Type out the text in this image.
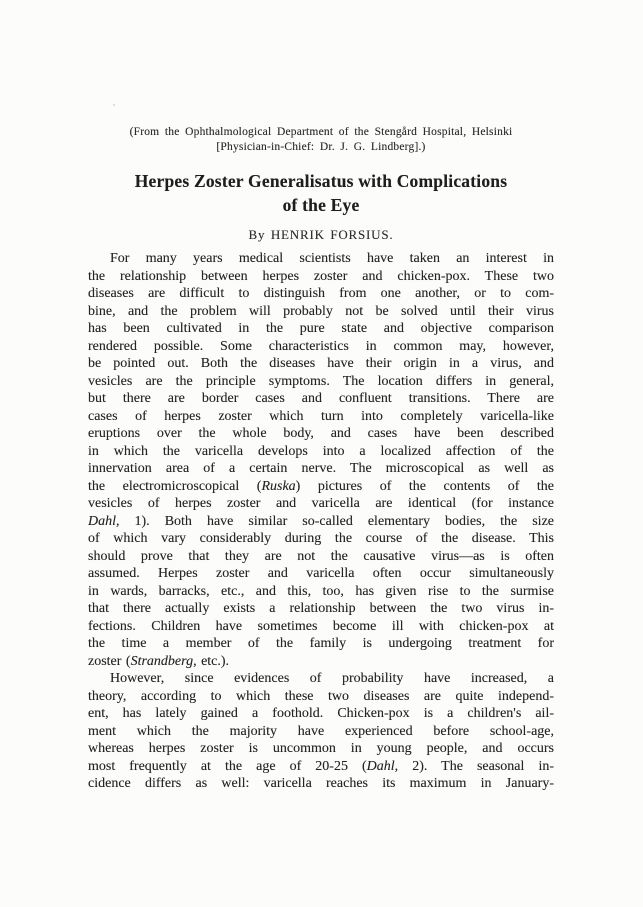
(From the Ophthalmological Department of the Stengård Hospital, Helsinki
[Physician-in-Chief: Dr. J. G. Lindberg].)
Herpes Zoster Generalisatus with Complications
of the Eye
By HENRIK FORSIUS.
For many years medical scientists have taken an interest in
the relationship between herpes zoster and chicken-pox. These two
diseases are difficult to distinguish from one another, or to com-
bine, and the problem will probably not be solved until their virus
has been cultivated in the pure state and objective comparison
rendered possible. Some characteristics in common may, however,
be pointed out. Both the diseases have their origin in a virus, and
vesicles are the principle symptoms. The location differs in general,
but there are border cases and confluent transitions. There are
cases of herpes zoster which turn into completely varicella-like
eruptions over the whole body, and cases have been described
in which the varicella develops into a localized affection of the
innervation area of a certain nerve. The microscopical as well as
the electromicroscopical (Ruska) pictures of the contents of the
vesicles of herpes zoster and varicella are identical (for instance
Dahl, 1). Both have similar so-called elementary bodies, the size
of which vary considerably during the course of the disease. This
should prove that they are not the causative virus—as is often
assumed. Herpes zoster and varicella often occur simultaneously
in wards, barracks, etc., and this, too, has given rise to the surmise
that there actually exists a relationship between the two virus in-
fections. Children have sometimes become ill with chicken-pox at
the time a member of the family is undergoing treatment for
zoster (Strandberg, etc.).
However, since evidences of probability have increased, a
theory, according to which these two diseases are quite independ-
ent, has lately gained a foothold. Chicken-pox is a children's ail-
ment which the majority have experienced before school-age,
whereas herpes zoster is uncommon in young people, and occurs
most frequently at the age of 20-25 (Dahl, 2). The seasonal in-
cidence differs as well: varicella reaches its maximum in January-
